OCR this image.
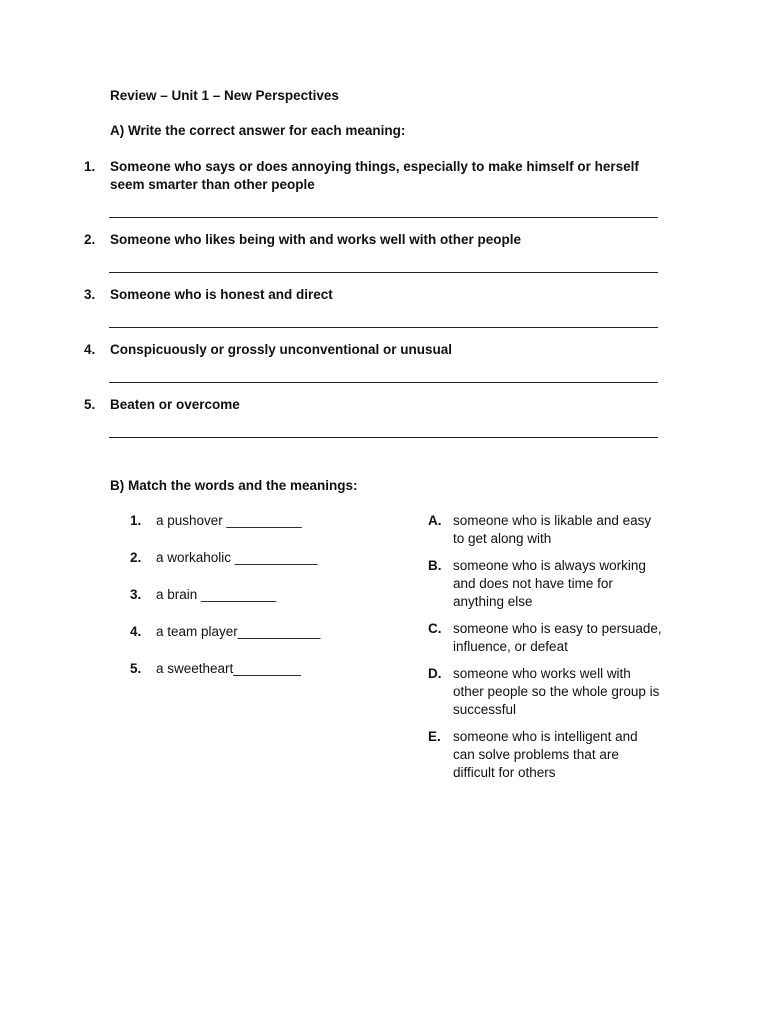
Review – Unit 1 – New Perspectives
A) Write the correct answer for each meaning:
1.	Someone who says or does annoying things, especially to make himself or herself seem smarter than other people
2.	Someone who likes being with and works well with other people
3.	Someone who is honest and direct
4.	Conspicuously or grossly unconventional or unusual
5.	Beaten or overcome
B) Match the words and the meanings:
1. a pushover __________
2. a workaholic ___________
3. a brain __________
4. a team player___________
5. a sweetheart_________
A. someone who is likable and easy to get along with
B. someone who is always working and does not have time for anything else
C. someone who is easy to persuade, influence, or defeat
D. someone who works well with other people so the whole group is successful
E. someone who is intelligent and can solve problems that are difficult for others
